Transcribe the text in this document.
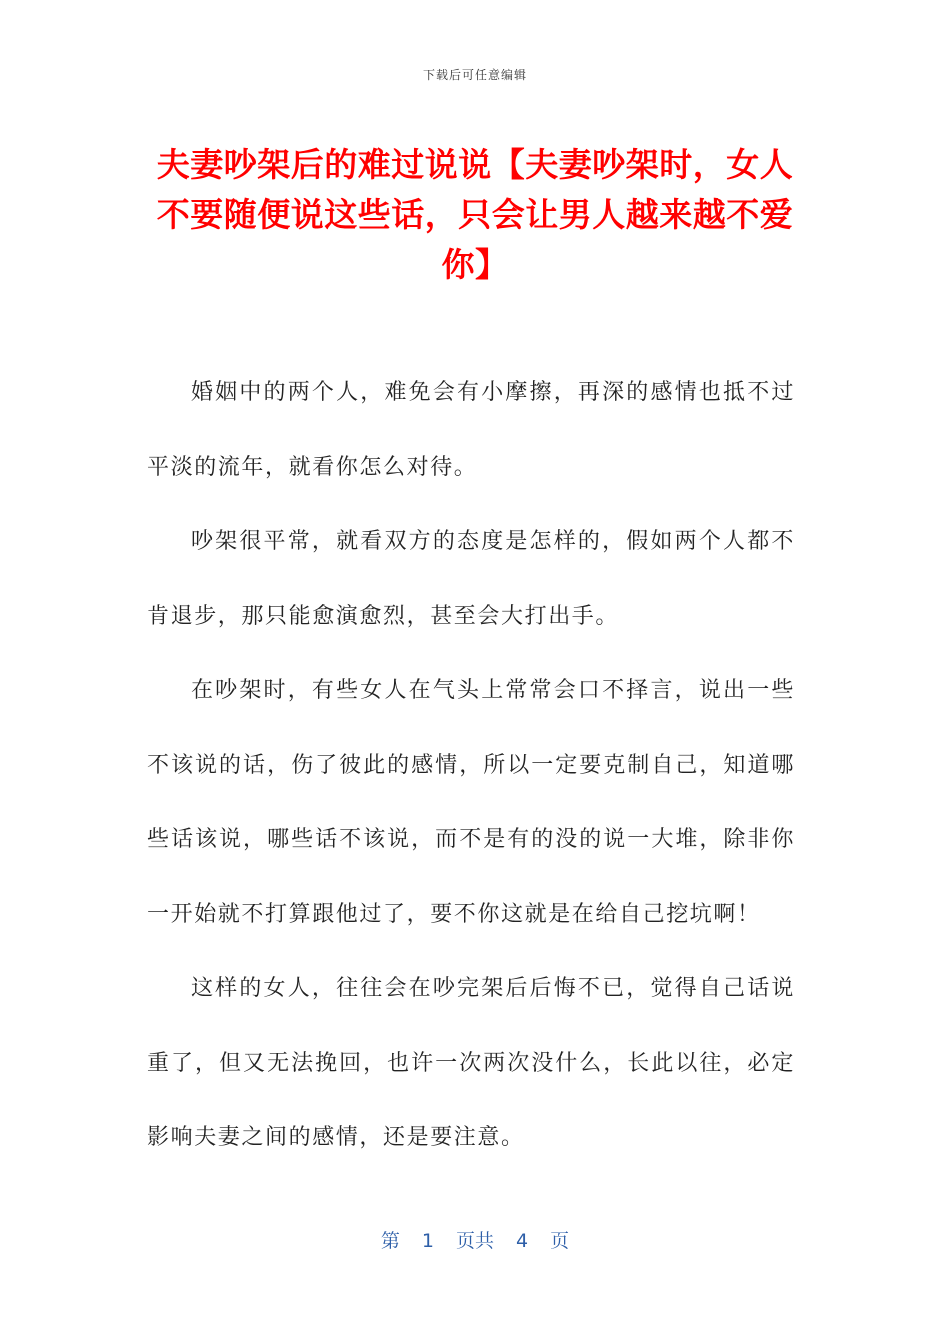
下载后可任意编辑
夫妻吵架后的难过说说【夫妻吵架时，女人不要随便说这些话，只会让男人越来越不爱你】

婚姻中的两个人，难免会有小摩擦，再深的感情也抵不过平淡的流年，就看你怎么对待。

吵架很平常，就看双方的态度是怎样的，假如两个人都不肯退步，那只能愈演愈烈，甚至会大打出手。

在吵架时，有些女人在气头上常常会口不择言，说出一些不该说的话，伤了彼此的感情，所以一定要克制自己，知道哪些话该说，哪些话不该说，而不是有的没的说一大堆，除非你一开始就不打算跟他过了，要不你这就是在给自己挖坑啊！

这样的女人，往往会在吵完架后后悔不已，觉得自己话说重了，但又无法挽回，也许一次两次没什么，长此以往，必定影响夫妻之间的感情，还是要注意。

第 1 页共 4 页
